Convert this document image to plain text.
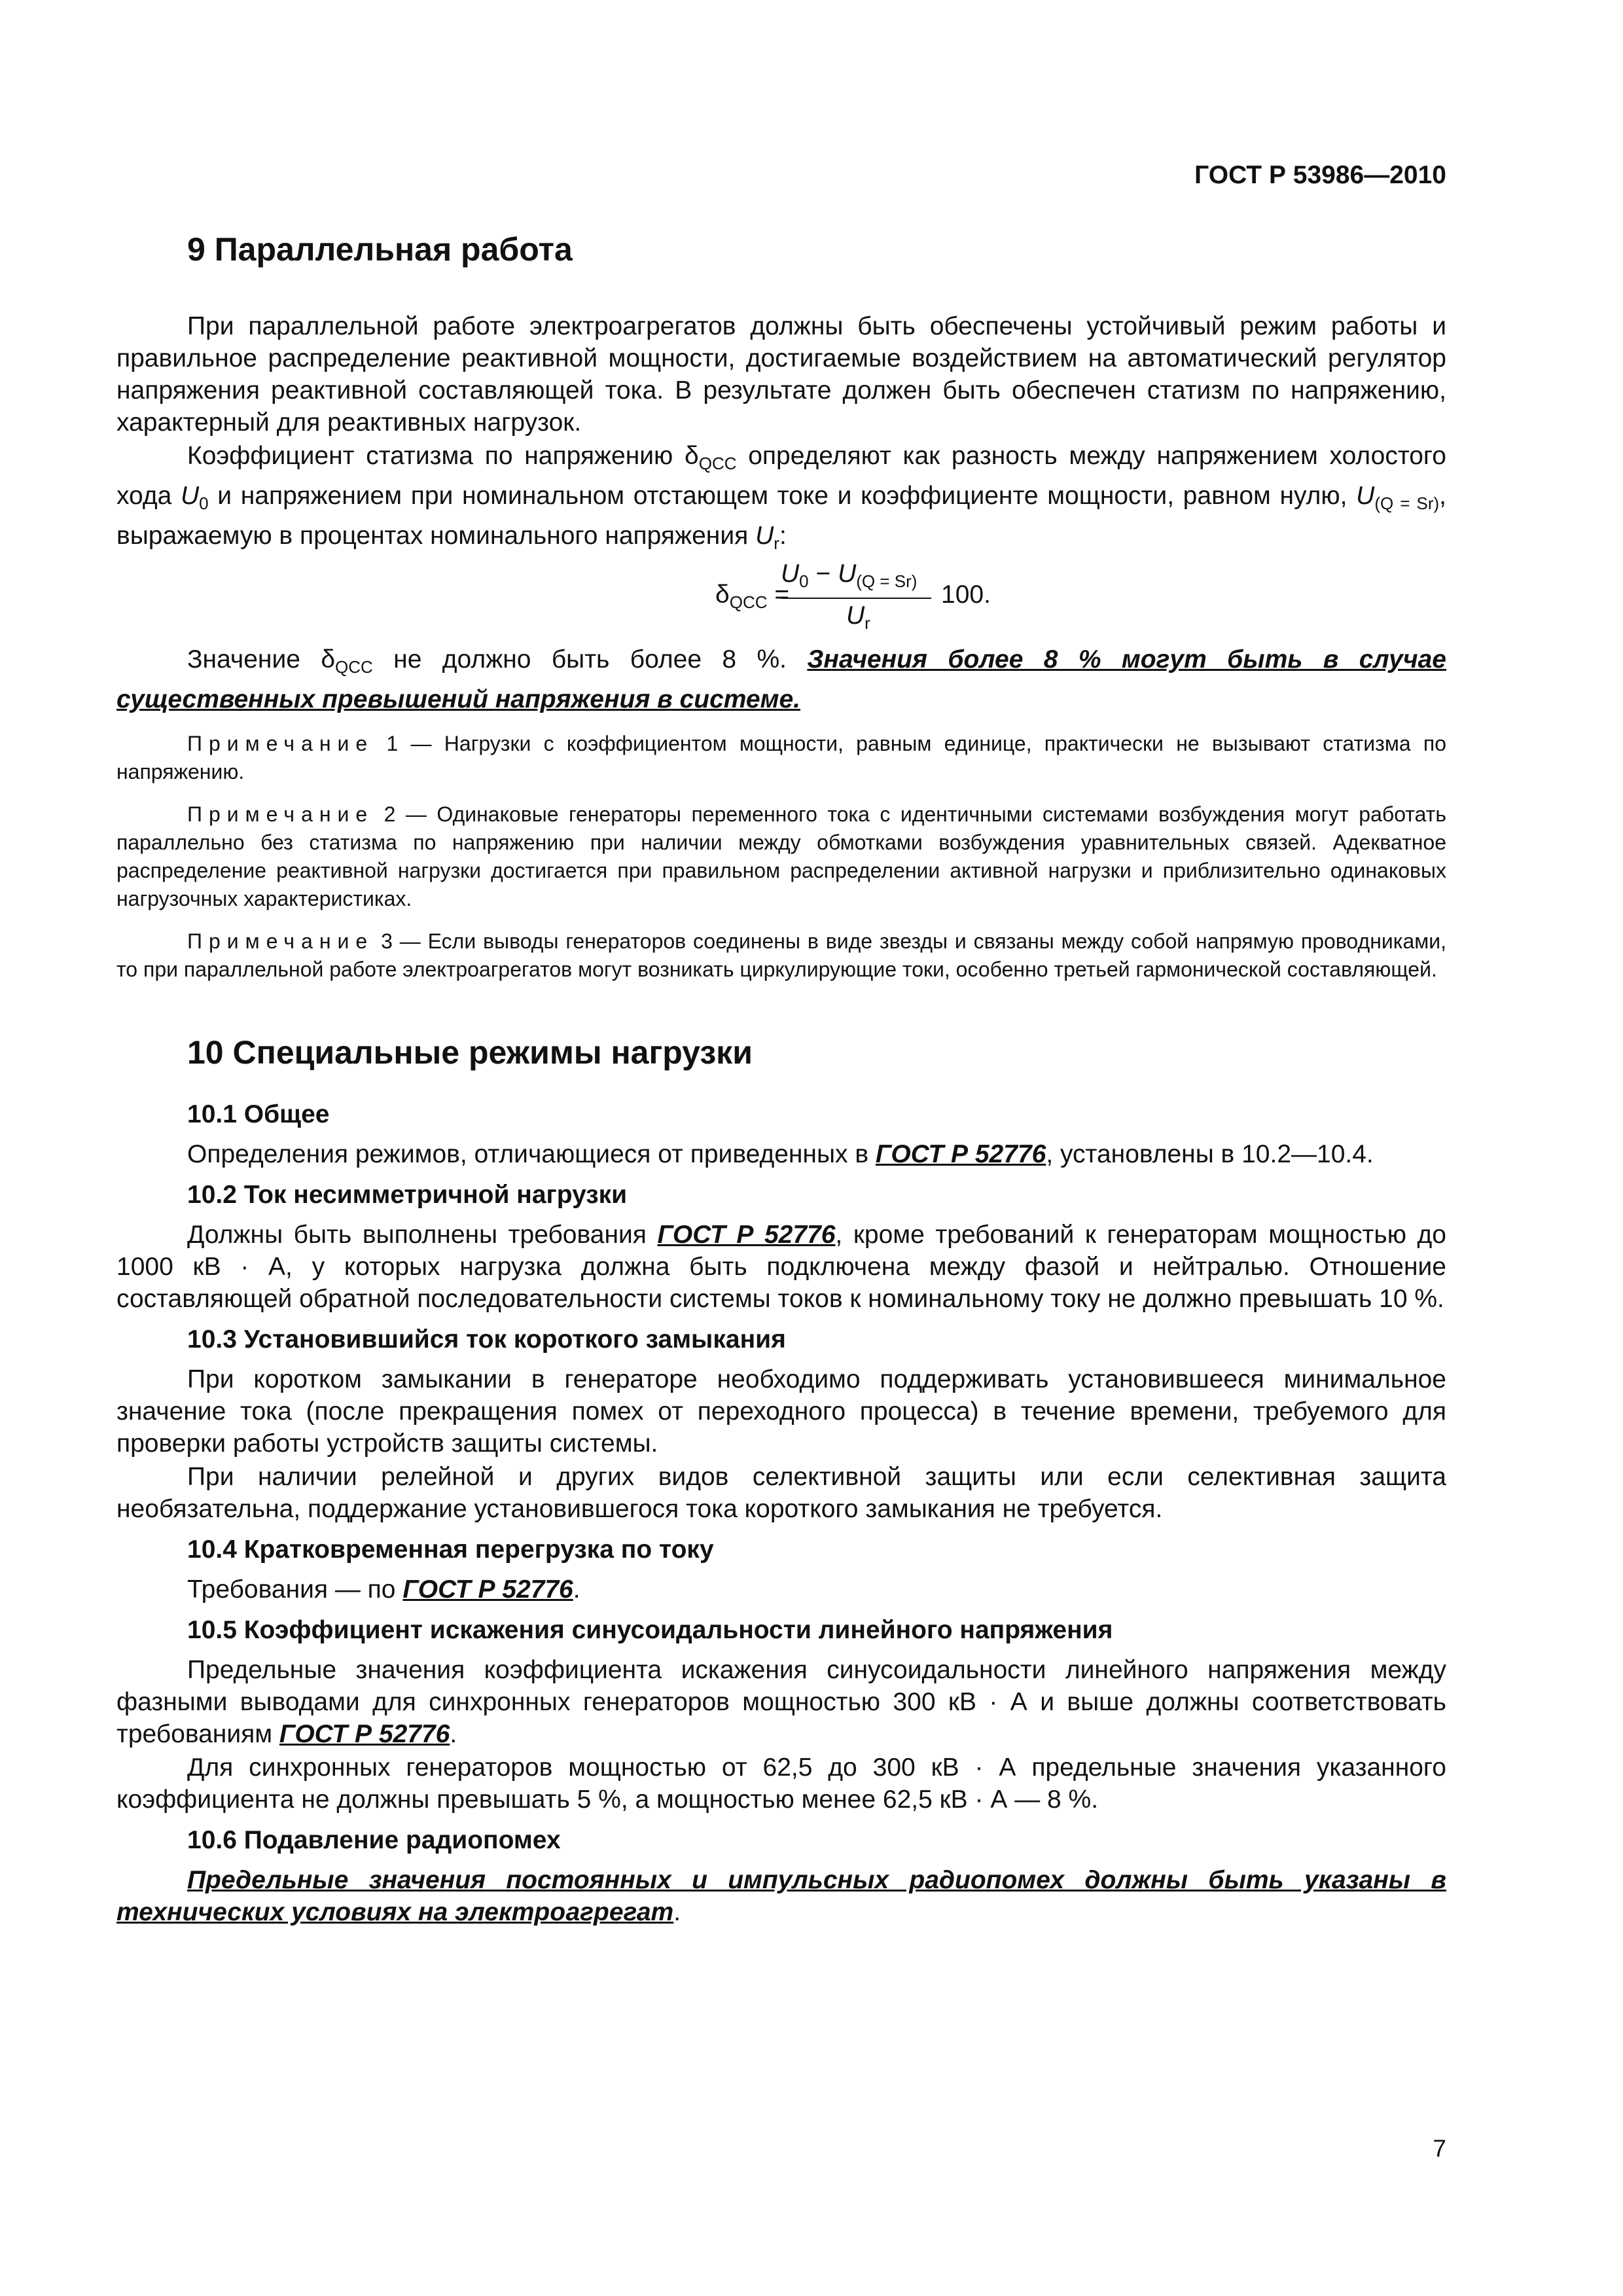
ГОСТ Р 53986—2010
9 Параллельная работа

При параллельной работе электроагрегатов должны быть обеспечены устойчивый режим работы и правильное распределение реактивной мощности, достигаемые воздействием на автоматический регулятор напряжения реактивной составляющей тока. В результате должен быть обеспечен статизм по напряжению, характерный для реактивных нагрузок.

Коэффициент статизма по напряжению $\delta_{QCC}$ определяют как разность между напряжением холостого хода $U_0$ и напряжением при номинальном отстающем токе и коэффициенте мощности, равном нулю, $U_{(Q = Sr)}$, выражаемую в процентах номинального напряжения $U_r$:

$\delta_{QCC}$ =
$U_0 - U_{(Q = Sr)}$
$U_r$
100.

Значение $\delta_{QCC}$ не должно быть более 8 %. Значения более 8 % могут быть в случае существенных превышений напряжения в системе.

Примечание 1 — Нагрузки с коэффициентом мощности, равным единице, практически не вызывают статизма по напряжению.

Примечание 2 — Одинаковые генераторы переменного тока с идентичными системами возбуждения могут работать параллельно без статизма по напряжению при наличии между обмотками возбуждения уравнительных связей. Адекватное распределение реактивной нагрузки достигается при правильном распределении активной нагрузки и приблизительно одинаковых нагрузочных характеристиках.

Примечание 3 — Если выводы генераторов соединены в виде звезды и связаны между собой напрямую проводниками, то при параллельной работе электроагрегатов могут возникать циркулирующие токи, особенно третьей гармонической составляющей.

10 Специальные режимы нагрузки
10.1 Общее

Определения режимов, отличающиеся от приведенных в ГОСТ Р 52776, установлены в 10.2—10.4.

10.2 Ток несимметричной нагрузки

Должны быть выполнены требования ГОСТ Р 52776, кроме требований к генераторам мощностью до 1000 кВ · А, у которых нагрузка должна быть подключена между фазой и нейтралью. Отношение составляющей обратной последовательности системы токов к номинальному току не должно превышать 10 %.

10.3 Установившийся ток короткого замыкания

При коротком замыкании в генераторе необходимо поддерживать установившееся минимальное значение тока (после прекращения помех от переходного процесса) в течение времени, требуемого для проверки работы устройств защиты системы.

При наличии релейной и других видов селективной защиты или если селективная защита необязательна, поддержание установившегося тока короткого замыкания не требуется.

10.4 Кратковременная перегрузка по току

Требования — по ГОСТ Р 52776.

10.5 Коэффициент искажения синусоидальности линейного напряжения

Предельные значения коэффициента искажения синусоидальности линейного напряжения между фазными выводами для синхронных генераторов мощностью 300 кВ · А и выше должны соответствовать требованиям ГОСТ Р 52776.

Для синхронных генераторов мощностью от 62,5 до 300 кВ · А предельные значения указанного коэффициента не должны превышать 5 %, а мощностью менее 62,5 кВ · А — 8 %.

10.6 Подавление радиопомех

Предельные значения постоянных и импульсных радиопомех должны быть указаны в технических условиях на электроагрегат.

7
